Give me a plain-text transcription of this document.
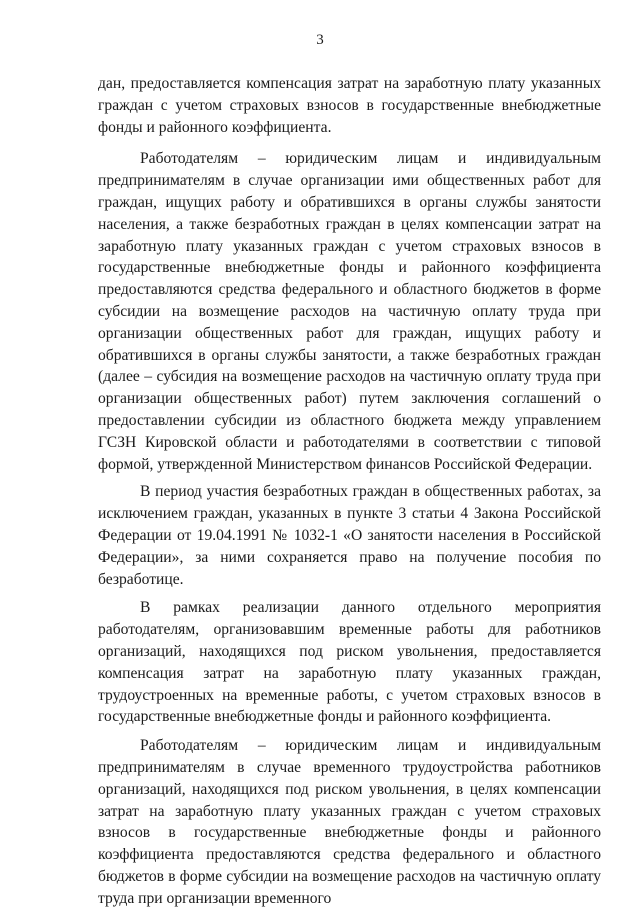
3

дан, предоставляется компенсация затрат на заработную плату указанных граждан с учетом страховых взносов в государственные внебюджетные фонды и районного коэффициента.

Работодателям – юридическим лицам и индивидуальным предпринимателям в случае организации ими общественных работ для граждан, ищущих работу и обратившихся в органы службы занятости населения, а также безработных граждан в целях компенсации затрат на заработную плату указанных граждан с учетом страховых взносов в государственные внебюджетные фонды и районного коэффициента предоставляются средства федерального и областного бюджетов в форме субсидии на возмещение расходов на частичную оплату труда при организации общественных работ для граждан, ищущих работу и обратившихся в органы службы занятости, а также безработных граждан (далее – субсидия на возмещение расходов на частичную оплату труда при организации общественных работ) путем заключения соглашений о предоставлении субсидии из областного бюджета между управлением ГСЗН Кировской области и работодателями в соответствии с типовой формой, утвержденной Министерством финансов Российской Федерации.

В период участия безработных граждан в общественных работах, за исключением граждан, указанных в пункте 3 статьи 4 Закона Российской Федерации от 19.04.1991 № 1032-1 «О занятости населения в Российской Федерации», за ними сохраняется право на получение пособия по безработице.

В рамках реализации данного отдельного мероприятия работодателям, организовавшим временные работы для работников организаций, находящихся под риском увольнения, предоставляется компенсация затрат на заработную плату указанных граждан, трудоустроенных на временные работы, с учетом страховых взносов в государственные внебюджетные фонды и районного коэффициента.

Работодателям – юридическим лицам и индивидуальным предпринимателям в случае временного трудоустройства работников организаций, находящихся под риском увольнения, в целях компенсации затрат на заработную плату указанных граждан с учетом страховых взносов в государственные внебюджетные фонды и районного коэффициента предоставляются средства федерального и областного бюджетов в форме субсидии на возмещение расходов на частичную оплату труда при организации временного
